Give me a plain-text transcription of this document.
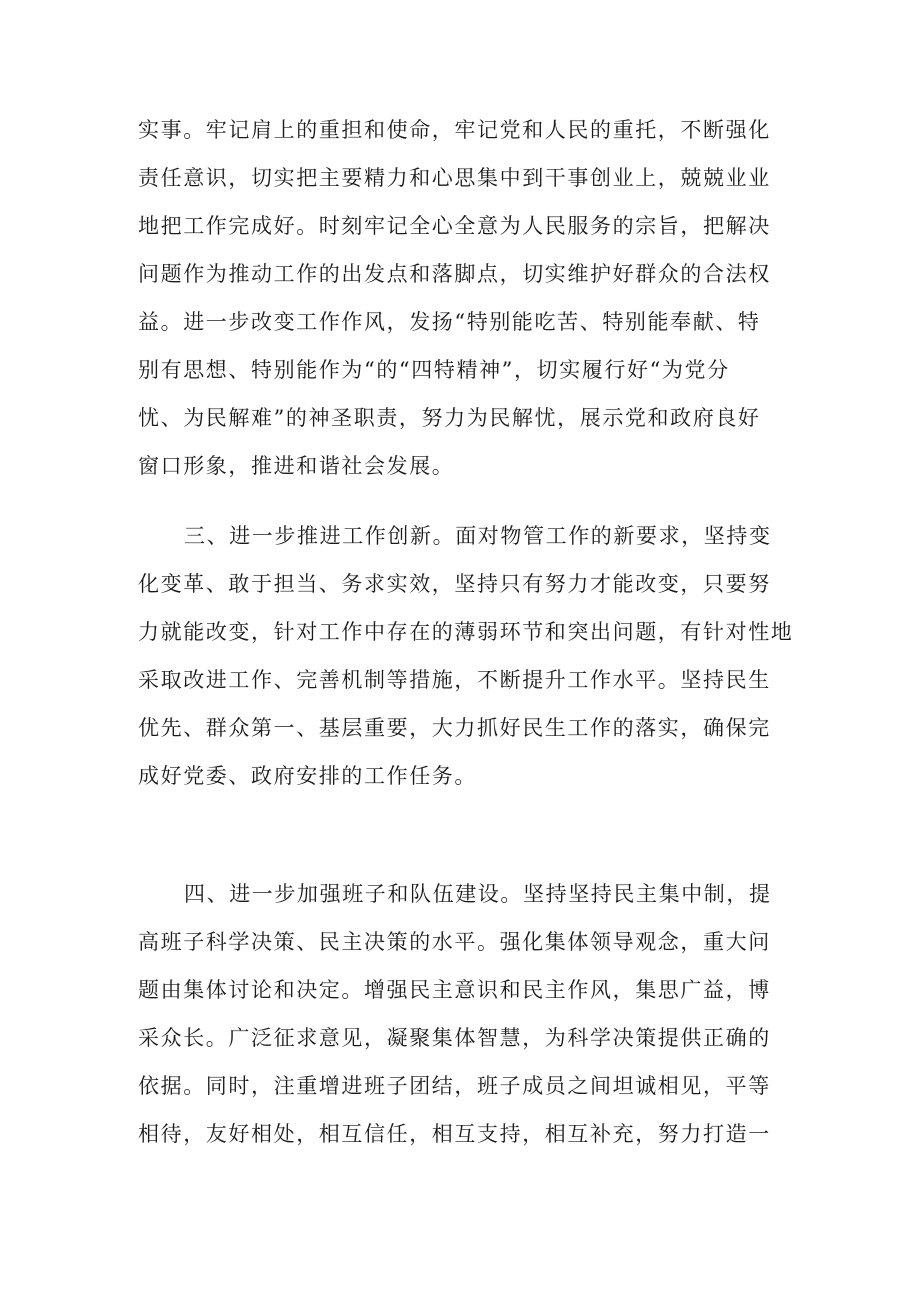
实事。牢记肩上的重担和使命，牢记党和人民的重托，不断强化
责任意识，切实把主要精力和心思集中到干事创业上，兢兢业业
地把工作完成好。时刻牢记全心全意为人民服务的宗旨，把解决
问题作为推动工作的出发点和落脚点，切实维护好群众的合法权
益。进一步改变工作作风，发扬“特别能吃苦、特别能奉献、特
别有思想、特别能作为“的“四特精神”，切实履行好“为党分
忧、为民解难”的神圣职责，努力为民解忧，展示党和政府良好
窗口形象，推进和谐社会发展。
三、进一步推进工作创新。面对物管工作的新要求，坚持变
化变革、敢于担当、务求实效，坚持只有努力才能改变，只要努
力就能改变，针对工作中存在的薄弱环节和突出问题，有针对性地
采取改进工作、完善机制等措施，不断提升工作水平。坚持民生
优先、群众第一、基层重要，大力抓好民生工作的落实，确保完
成好党委、政府安排的工作任务。
四、进一步加强班子和队伍建设。坚持坚持民主集中制，提
高班子科学决策、民主决策的水平。强化集体领导观念，重大问
题由集体讨论和决定。增强民主意识和民主作风，集思广益，博
采众长。广泛征求意见，凝聚集体智慧，为科学决策提供正确的
依据。同时，注重增进班子团结，班子成员之间坦诚相见，平等
相待，友好相处，相互信任，相互支持，相互补充，努力打造一
